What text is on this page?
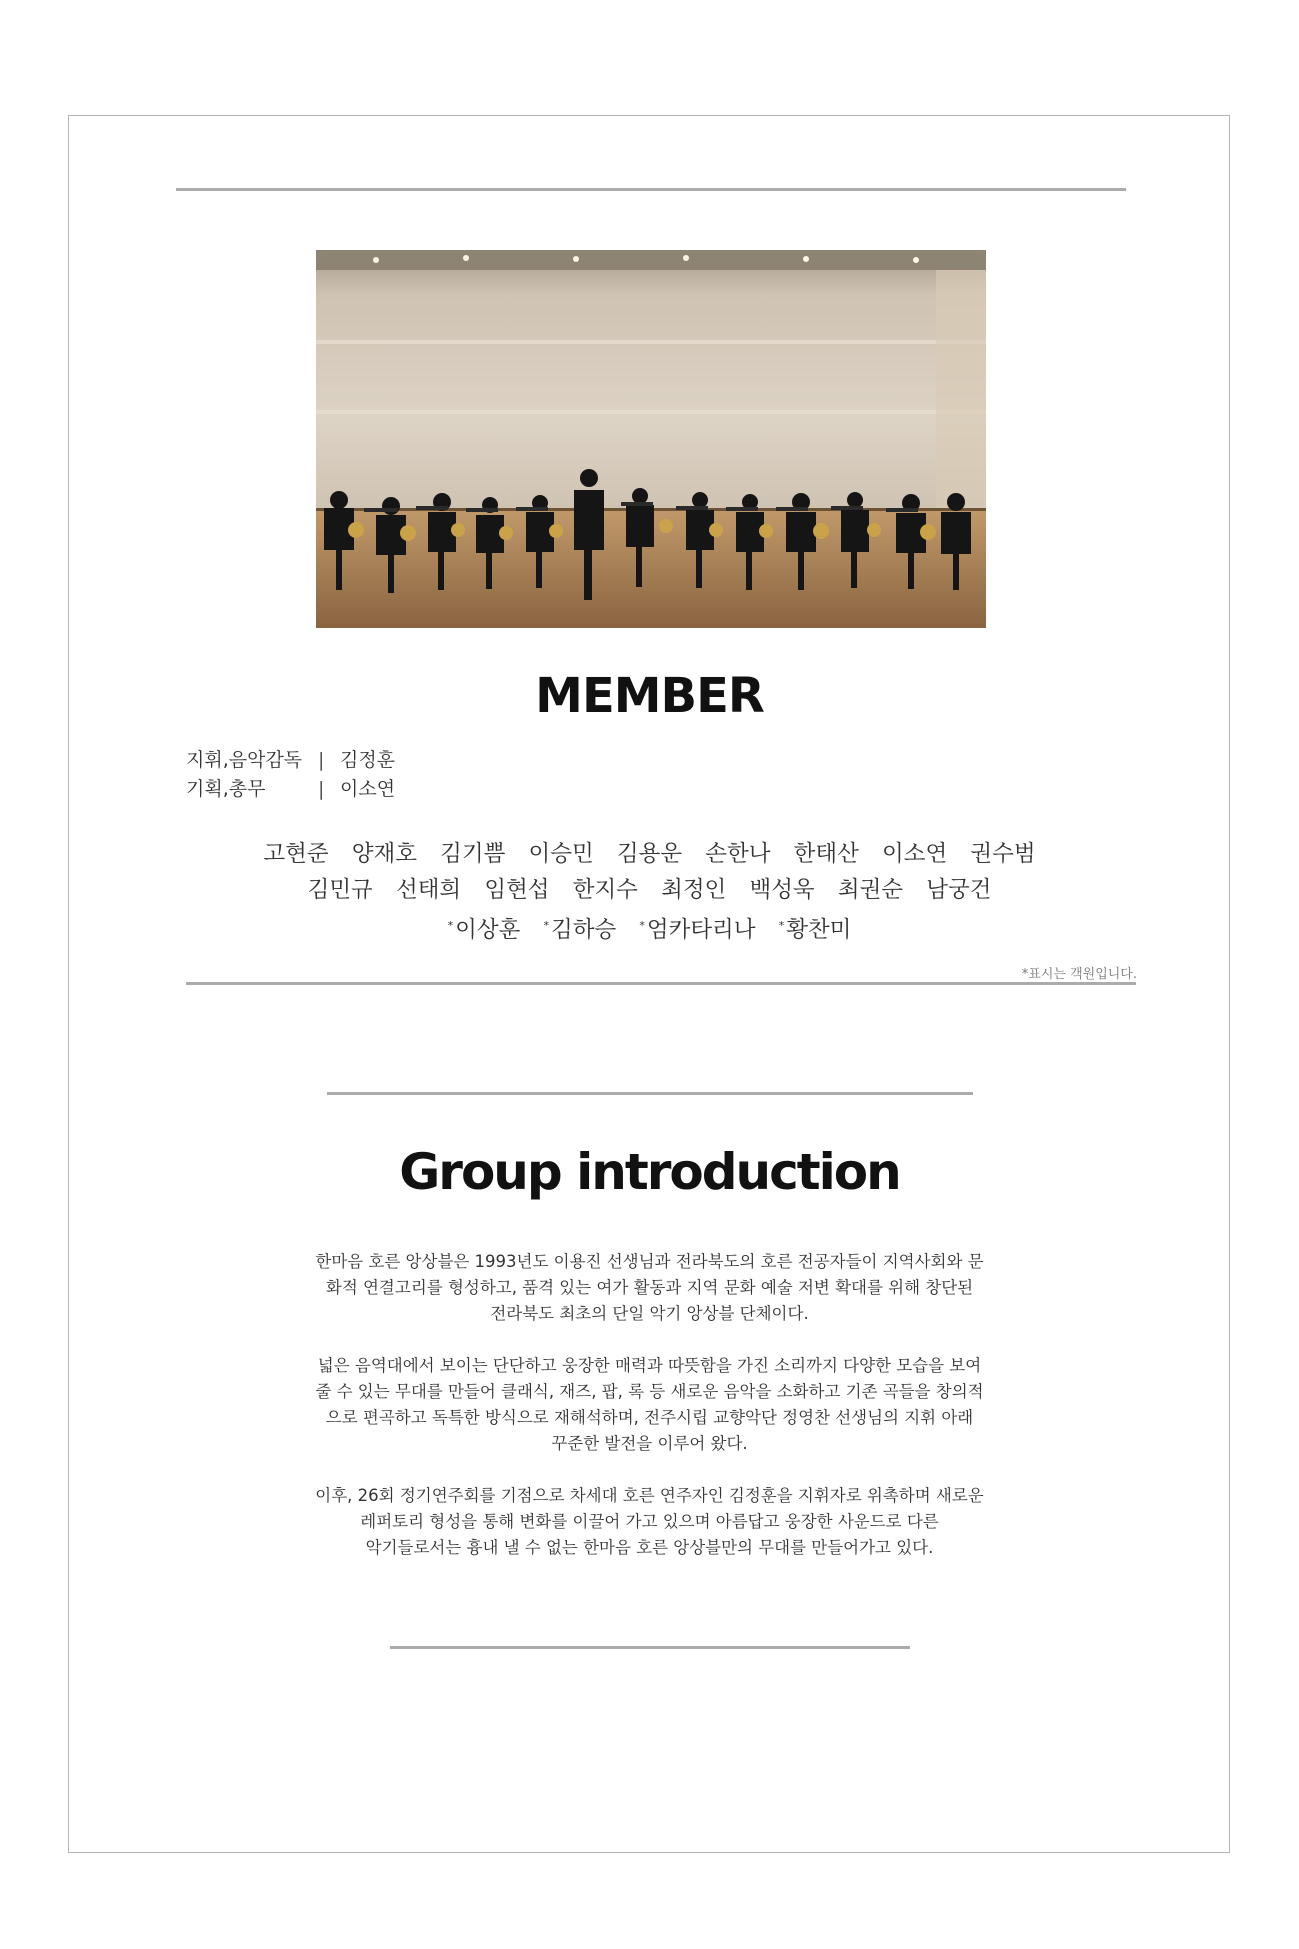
MEMBER
지휘,음악감독 | 김정훈
기획,총무	| 이소연
고현준 양재호 김기쁨 이승민 김용운 손한나 한태산 이소연 권수범
김민규 선태희 임현섭 한지수 최정인 백성욱 최권순 남궁건
*이상훈 *김하승 *엄카타리나 *황찬미
*표시는 객원입니다.
Group introduction
한마음 호른 앙상블은 1993년도 이용진 선생님과 전라북도의 호른 전공자들이 지역사회와 문
화적 연결고리를 형성하고, 품격 있는 여가 활동과 지역 문화 예술 저변 확대를 위해 창단된
전라북도 최초의 단일 악기 앙상블 단체이다.
넓은 음역대에서 보이는 단단하고 웅장한 매력과 따뜻함을 가진 소리까지 다양한 모습을 보여
줄 수 있는 무대를 만들어 클래식, 재즈, 팝, 록 등 새로운 음악을 소화하고 기존 곡들을 창의적
으로 편곡하고 독특한 방식으로 재해석하며, 전주시립 교향악단 정영찬 선생님의 지휘 아래
꾸준한 발전을 이루어 왔다.
이후, 26회 정기연주회를 기점으로 차세대 호른 연주자인 김정훈을 지휘자로 위촉하며 새로운
레퍼토리 형성을 통해 변화를 이끌어 가고 있으며 아름답고 웅장한 사운드로 다른
악기들로서는 흉내 낼 수 없는 한마음 호른 앙상블만의 무대를 만들어가고 있다.
